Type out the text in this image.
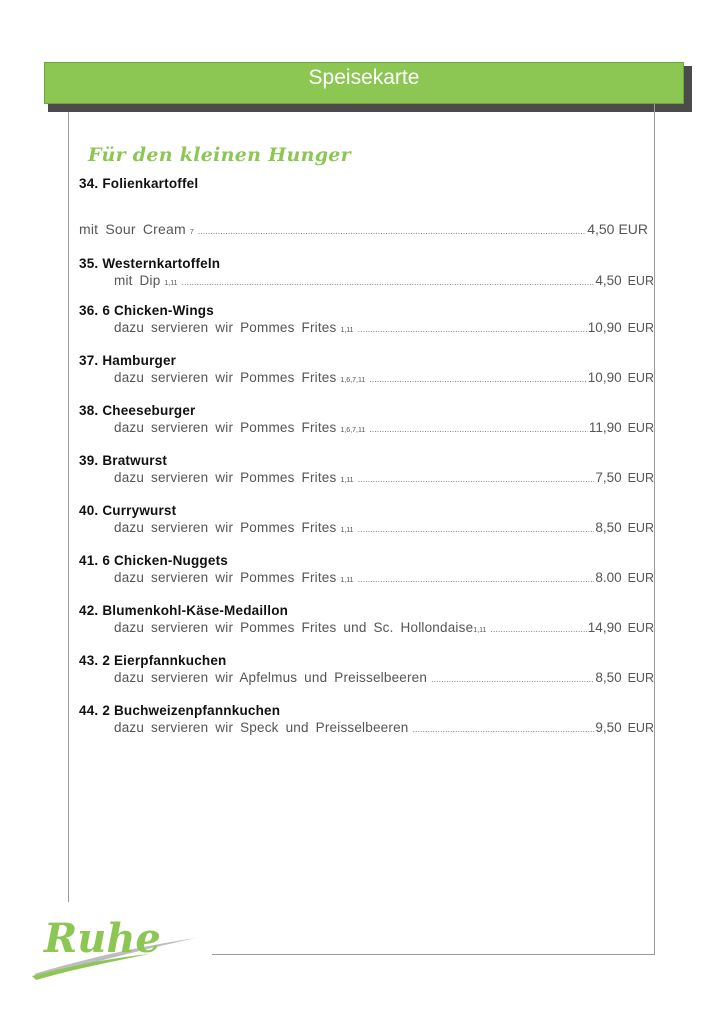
Speisekarte
Für den kleinen Hunger
34. Folienkartoffel
mit Sour Cream 7 .....	4,50 EUR
35. Westernkartoffeln
mit Dip 1,11 .....	4,50 EUR
36. 6 Chicken-Wings
dazu servieren wir Pommes Frites 1,11 .....	10,90 EUR
37. Hamburger
dazu servieren wir Pommes Frites 1,6,7,11 .....	10,90 EUR
38. Cheeseburger
dazu servieren wir Pommes Frites 1,6,7,11 .....	11,90 EUR
39. Bratwurst
dazu servieren wir Pommes Frites 1,11 .....	7,50 EUR
40. Currywurst
dazu servieren wir Pommes Frites 1,11 .....	8,50 EUR
41. 6 Chicken-Nuggets
dazu servieren wir Pommes Frites 1,11 .....	8.00 EUR
42. Blumenkohl-Käse-Medaillon
dazu servieren wir Pommes Frites und Sc. Hollondaise 1,11 .....	14,90 EUR
43. 2 Eierpfannkuchen
dazu servieren wir Apfelmus und Preisselbeeren .....	8,50 EUR
44. 2 Buchweizenpfannkuchen
dazu servieren wir Speck und Preisselbeeren .....	9,50 EUR
Ruhe
